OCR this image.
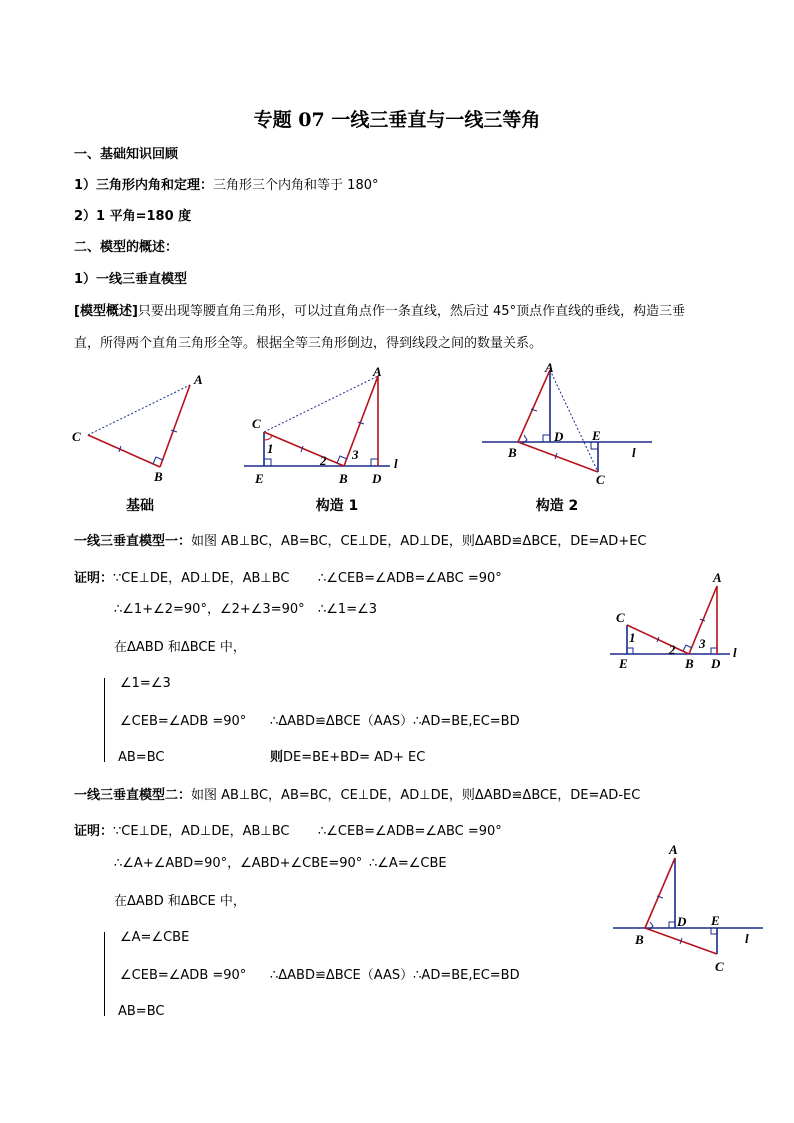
专题 07 一线三垂直与一线三等角
一、基础知识回顾
1）三角形内角和定理：三角形三个内角和等于 180°
2）1 平角=180 度
二、模型的概述：
1）一线三垂直模型
[模型概述]只要出现等腰直角三角形，可以过直角点作一条直线，然后过 45°顶点作直线的垂线，构造三垂
直，所得两个直角三角形全等。根据全等三角形倒边，得到线段之间的数量关系。
A
C
B
基础
A
C
1
2 3
E	B D
l
构造 1
A
D E
B
C
l
构造 2
一线三垂直模型一：如图 AB⊥BC，AB=BC，CE⊥DE，AD⊥DE，则ΔABD≌ΔBCE，DE=AD+EC
证明：∵CE⊥DE，AD⊥DE，AB⊥BC ∴∠CEB=∠ADB=∠ABC =90°
∴∠1+∠2=90°，∠2+∠3=90° ∴∠1=∠3
在ΔABD 和ΔBCE 中，
∠1=∠3
∠CEB=∠ADB =90° ∴ΔABD≌ΔBCE（AAS）∴AD=BE,EC=BD
AB=BC	则DE=BE+BD= AD+ EC
A
C
1
2 3
E	B D
l
一线三垂直模型二：如图 AB⊥BC，AB=BC，CE⊥DE，AD⊥DE，则ΔABD≌ΔBCE，DE=AD-EC
证明：∵CE⊥DE，AD⊥DE，AB⊥BC ∴∠CEB=∠ADB=∠ABC =90°
∴∠A+∠ABD=90°，∠ABD+∠CBE=90° ∴∠A=∠CBE
在ΔABD 和ΔBCE 中，
∠A=∠CBE
∠CEB=∠ADB =90° ∴ΔABD≌ΔBCE（AAS）∴AD=BE,EC=BD
AB=BC
A
D E
B
C
l
